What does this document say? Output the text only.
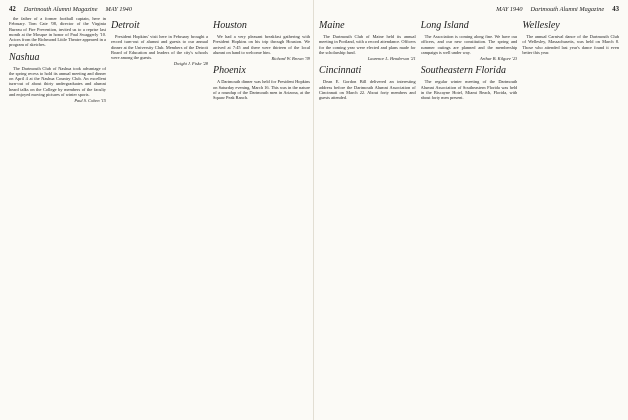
42 Dartmouth Alumni Magazine MAY 1940

the father of a former football captain, here in February. Tom Cate '08, director of the Virginia Bureau of Fire Prevention, invited us to a reprise last month at the Mosque in honor of Paul Swaggerly '10. Actors from the Richmond Little Theatre appeared in a program of sketches.

Nashua

The Dartmouth Club of Nashua took advantage of the spring recess to hold its annual meeting and dinner on April 4 at the Nashua Country Club. An excellent turn-out of about thirty undergraduates and alumni heard talks on the College by members of the faculty and enjoyed moving pictures of winter sports.

Paul S. Cohen '15

Detroit

President Hopkins' visit here in February brought a record turn-out of alumni and guests to our annual dinner at the University Club. Members of the Detroit Board of Education and leaders of the city's schools were among the guests.

Dwight J. Fiske '28

Houston

We had a very pleasant breakfast gathering with President Hopkins on his trip through Houston. We arrived at 7:45 and there were thirteen of the local alumni on hand to welcome him.

Richard W. Brown '39

Phoenix

A Dartmouth dinner was held for President Hopkins on Saturday evening, March 16. This was in the nature of a roundup of the Dartmouth men in Arizona, at the Squaw Peak Ranch.

MAY 1940 Dartmouth Alumni Magazine 43
Maine

The Dartmouth Club of Maine held its annual meeting in Portland, with a record attendance. Officers for the coming year were elected and plans made for the scholarship fund.

Laurence L. Henderson '21

Cincinnati

Dean E. Gordon Bill delivered an interesting address before the Dartmouth Alumni Association of Cincinnati on March 22. About forty members and guests attended.

Long Island

The Association is coming along fine. We have our officers, and our new constitution. The spring and summer outings are planned and the membership campaign is well under way.

Arthur B. Kilgore '23

Southeastern Florida

The regular winter meeting of the Dartmouth Alumni Association of Southeastern Florida was held in the Biscayne Hotel, Miami Beach, Florida, with about forty men present.

Wellesley

The annual Carnival dance of the Dartmouth Club of Wellesley, Massachusetts, was held on March 8. Those who attended last year's dance found it even better this year.
